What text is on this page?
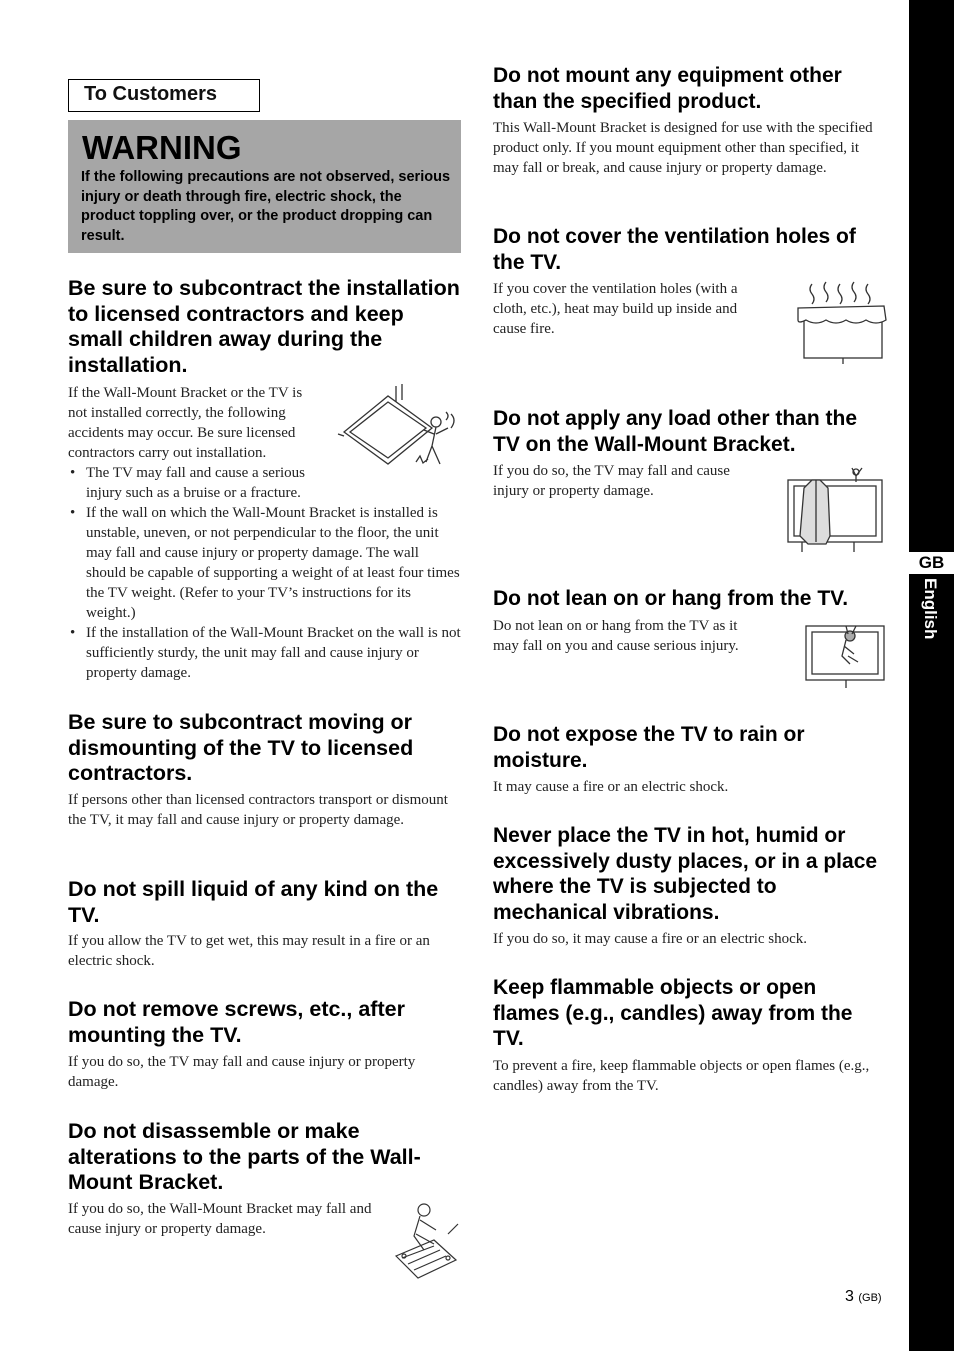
GB
English
To Customers
WARNING
If the following precautions are not observed, serious injury or death through fire, electric shock, the product toppling over, or the product dropping can result.
Be sure to subcontract the installation to licensed contractors and keep small children away during the installation.
If the Wall-Mount Bracket or the TV is not installed correctly, the following accidents may occur. Be sure licensed contractors carry out installation.
• The TV may fall and cause a serious injury such as a bruise or a fracture.
• If the wall on which the Wall-Mount Bracket is installed is unstable, uneven, or not perpendicular to the floor, the unit may fall and cause injury or property damage. The wall should be capable of supporting a weight of at least four times the TV weight. (Refer to your TV’s instructions for its weight.)
• If the installation of the Wall-Mount Bracket on the wall is not sufficiently sturdy, the unit may fall and cause injury or property damage.
Be sure to subcontract moving or dismounting of the TV to licensed contractors.
If persons other than licensed contractors transport or dismount the TV, it may fall and cause injury or property damage.
Do not spill liquid of any kind on the TV.
If you allow the TV to get wet, this may result in a fire or an electric shock.
Do not remove screws, etc., after mounting the TV.
If you do so, the TV may fall and cause injury or property damage.
Do not disassemble or make alterations to the parts of the Wall-Mount Bracket.
If you do so, the Wall-Mount Bracket may fall and cause injury or property damage.
Do not mount any equipment other than the specified product.
This Wall-Mount Bracket is designed for use with the specified product only. If you mount equipment other than specified, it may fall or break, and cause injury or property damage.
Do not cover the ventilation holes of the TV.
If you cover the ventilation holes (with a cloth, etc.), heat may build up inside and cause fire.
Do not apply any load other than the TV on the Wall-Mount Bracket.
If you do so, the TV may fall and cause injury or property damage.
Do not lean on or hang from the TV.
Do not lean on or hang from the TV as it may fall on you and cause serious injury.
Do not expose the TV to rain or moisture.
It may cause a fire or an electric shock.
Never place the TV in hot, humid or excessively dusty places, or in a place where the TV is subjected to mechanical vibrations.
If you do so, it may cause a fire or an electric shock.
Keep flammable objects or open flames (e.g., candles) away from the TV.
To prevent a fire, keep flammable objects or open flames (e.g., candles) away from the TV.
3 (GB)
